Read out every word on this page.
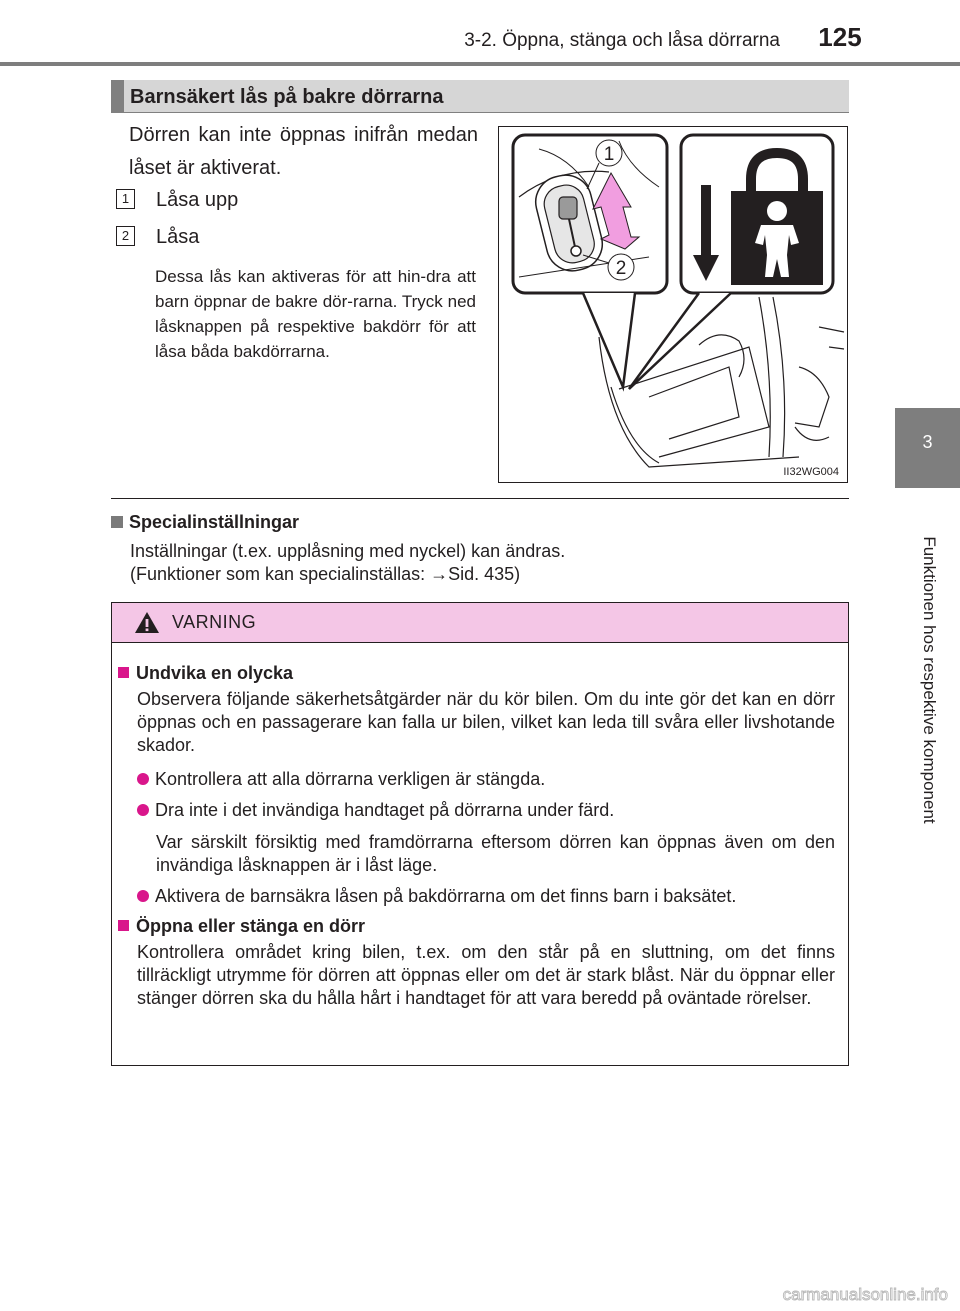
3-2. Öppna, stänga och låsa dörrarna	125
3
Funktionen hos respektive komponent
Barnsäkert lås på bakre dörrarna
Dörren kan inte öppnas inifrån medan låset är aktiverat.
1 Låsa upp
2 Låsa
Dessa lås kan aktiveras för att hin-dra att barn öppnar de bakre dör-rarna. Tryck ned låsknappen på respektive bakdörr för att låsa båda bakdörrarna.
1
2
II32WG004
Specialinställningar
Inställningar (t.ex. upplåsning med nyckel) kan ändras.
(Funktioner som kan specialinställas: →Sid. 435)
VARNING
Undvika en olycka
Observera följande säkerhetsåtgärder när du kör bilen. Om du inte gör det kan en dörr öppnas och en passagerare kan falla ur bilen, vilket kan leda till svåra eller livshotande skador.
Kontrollera att alla dörrarna verkligen är stängda.
Dra inte i det invändiga handtaget på dörrarna under färd.
Var särskilt försiktig med framdörrarna eftersom dörren kan öppnas även om den invändiga låsknappen är i låst läge.
Aktivera de barnsäkra låsen på bakdörrarna om det finns barn i baksätet.
Öppna eller stänga en dörr
Kontrollera området kring bilen, t.ex. om den står på en sluttning, om det finns tillräckligt utrymme för dörren att öppnas eller om det är stark blåst. När du öppnar eller stänger dörren ska du hålla hårt i handtaget för att vara beredd på oväntade rörelser.
carmanualsonline.info
